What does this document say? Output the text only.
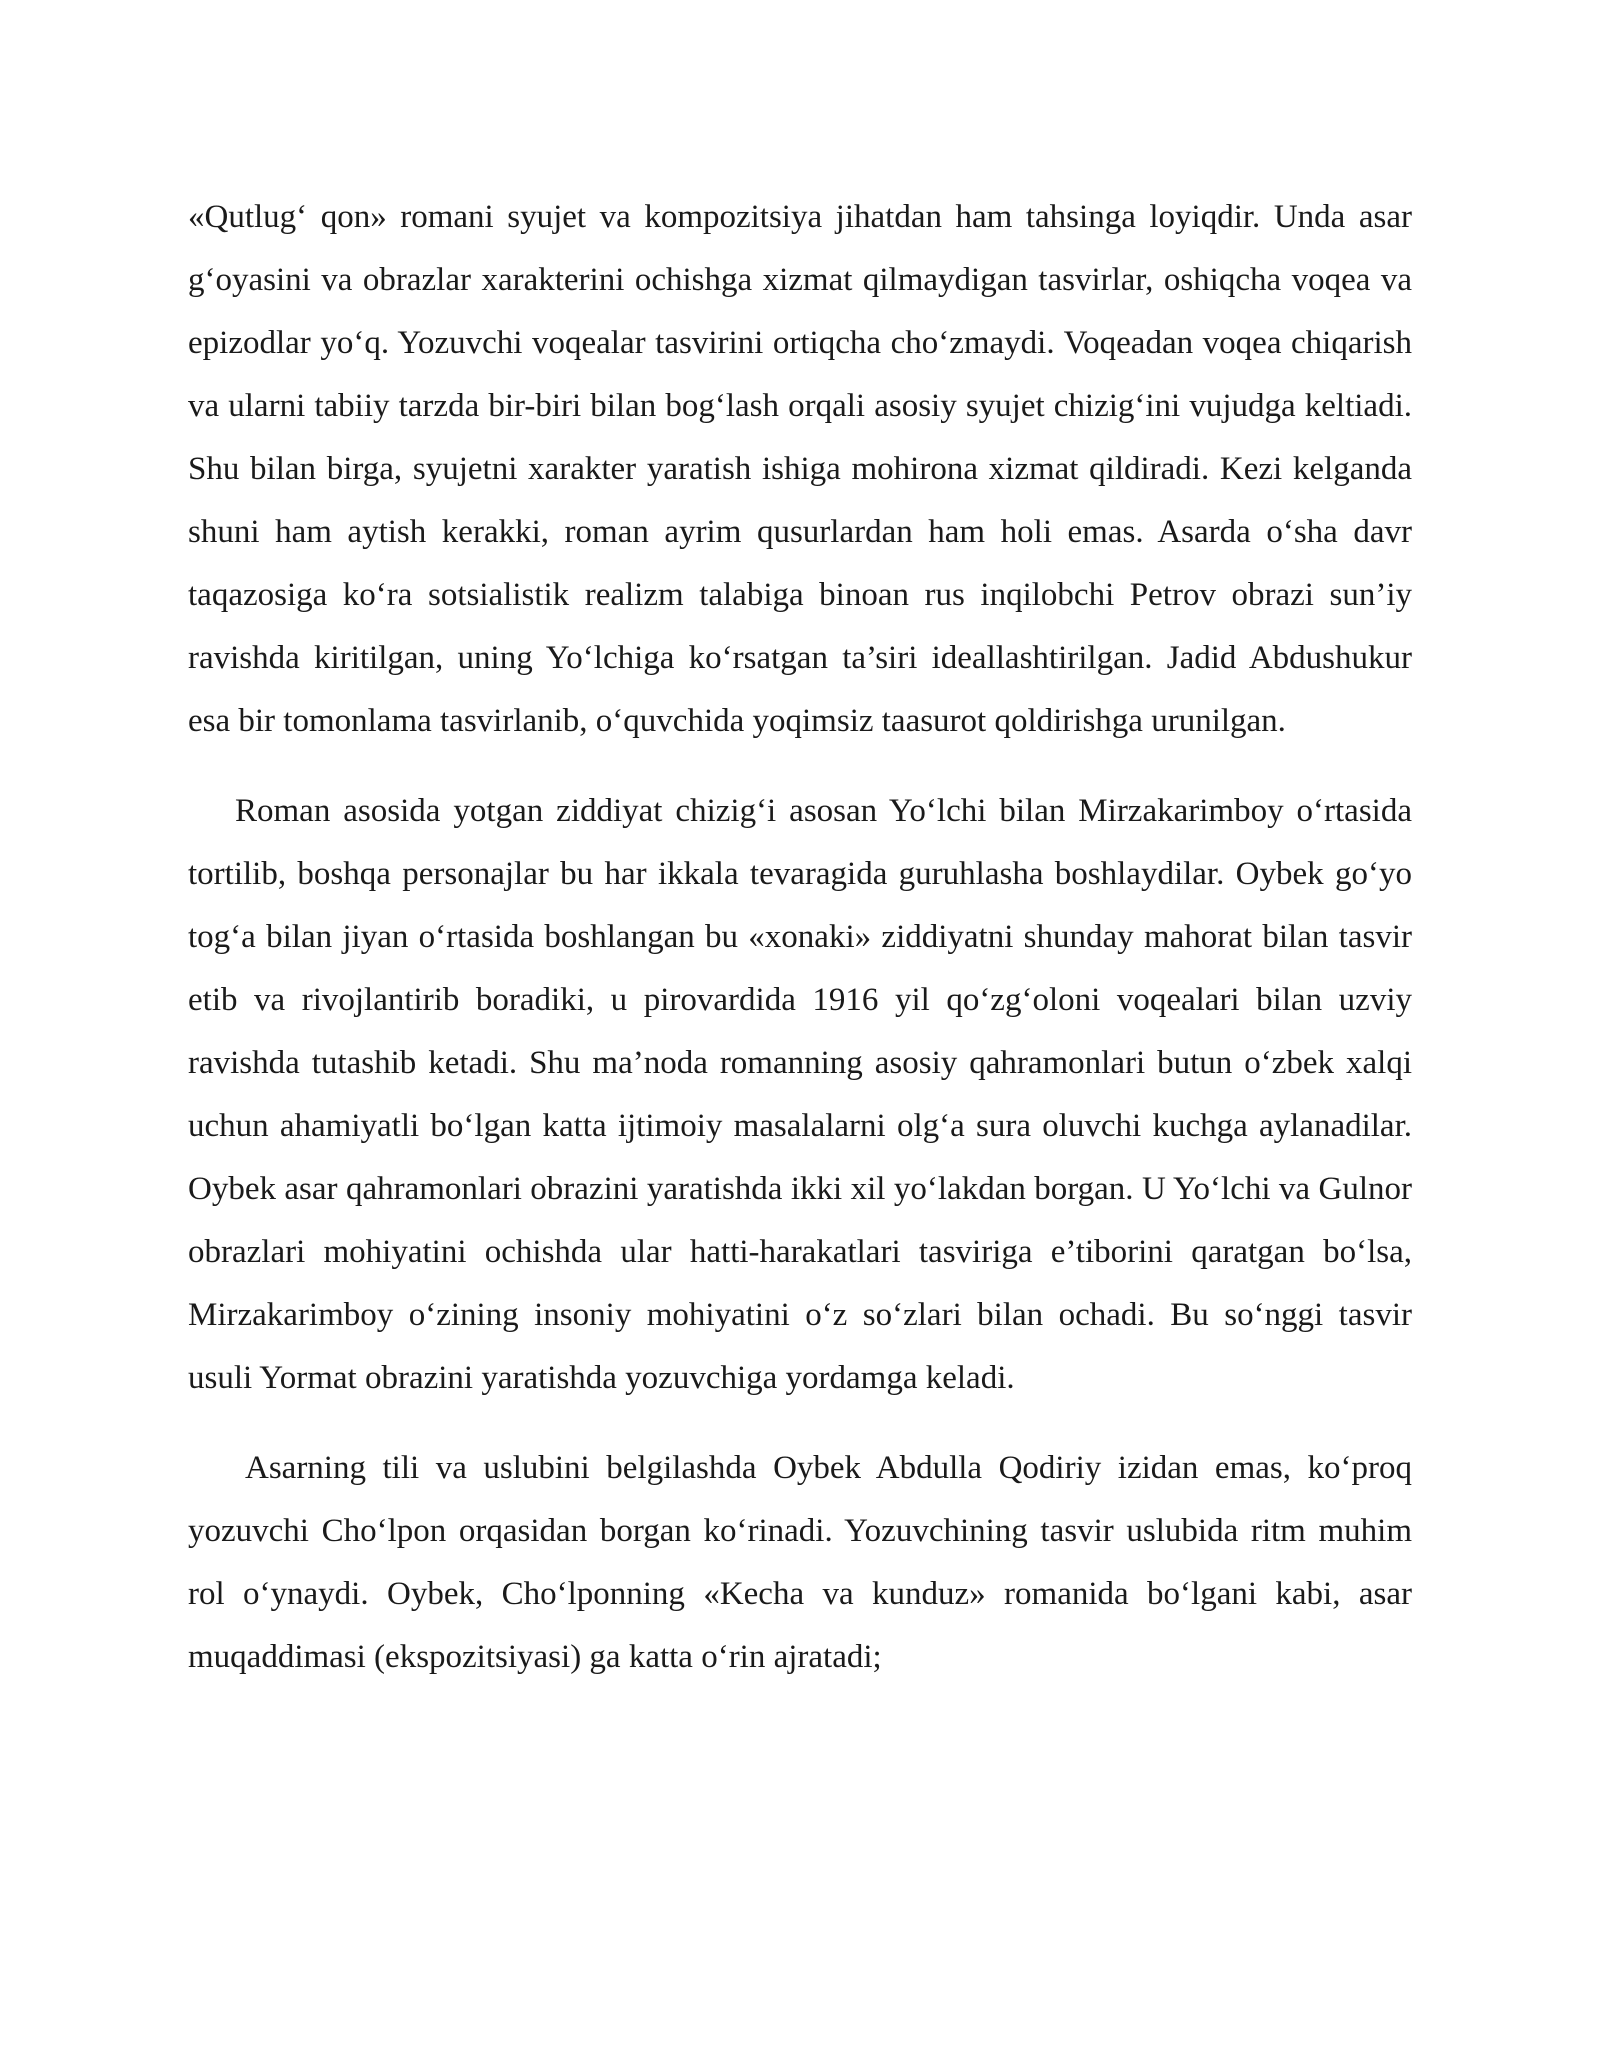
«Qutlug‘ qon» romani syujet va kompozitsiya jihatdan ham tahsinga loyiqdir. Unda asar g‘oyasini va obrazlar xarakterini ochishga xizmat qilmaydigan tasvirlar, oshiqcha voqea va epizodlar yo‘q. Yozuvchi voqealar tasvirini ortiqcha cho‘zmaydi. Voqeadan voqea chiqarish va ularni tabiiy tarzda bir-biri bilan bog‘lash orqali asosiy syujet chizig‘ini vujudga keltiadi. Shu bilan birga, syujetni xarakter yaratish ishiga mohirona xizmat qildiradi. Kezi kelganda shuni ham aytish kerakki, roman ayrim qusurlardan ham holi emas. Asarda o‘sha davr taqazosiga ko‘ra sotsialistik realizm talabiga binoan rus inqilobchi Petrov obrazi sun’iy ravishda kiritilgan, uning Yo‘lchiga ko‘rsatgan ta’siri ideallashtirilgan. Jadid Abdushukur esa bir tomonlama tasvirlanib, o‘quvchida yoqimsiz taasurot qoldirishga urunilgan.

Roman asosida yotgan ziddiyat chizig‘i asosan Yo‘lchi bilan Mirzakarimboy o‘rtasida tortilib, boshqa personajlar bu har ikkala tevaragida guruhlasha boshlaydilar. Oybek go‘yo tog‘a bilan jiyan o‘rtasida boshlangan bu «xonaki» ziddiyatni shunday mahorat bilan tasvir etib va rivojlantirib boradiki, u pirovardida 1916 yil qo‘zg‘oloni voqealari bilan uzviy ravishda tutashib ketadi. Shu ma’noda romanning asosiy qahramonlari butun o‘zbek xalqi uchun ahamiyatli bo‘lgan katta ijtimoiy masalalarni olg‘a sura oluvchi kuchga aylanadilar. Oybek asar qahramonlari obrazini yaratishda ikki xil yo‘lakdan borgan. U Yo‘lchi va Gulnor obrazlari mohiyatini ochishda ular hatti-harakatlari tasviriga e’tiborini qaratgan bo‘lsa, Mirzakarimboy o‘zining insoniy mohiyatini o‘z so‘zlari bilan ochadi. Bu so‘nggi tasvir usuli Yormat obrazini yaratishda yozuvchiga yordamga keladi.

Asarning tili va uslubini belgilashda Oybek Abdulla Qodiriy izidan emas, ko‘proq yozuvchi Cho‘lpon orqasidan borgan ko‘rinadi. Yozuvchining tasvir uslubida ritm muhim rol o‘ynaydi. Oybek, Cho‘lponning «Kecha va kunduz» romanida bo‘lgani kabi, asar muqaddimasi (ekspozitsiyasi) ga katta o‘rin ajratadi;
